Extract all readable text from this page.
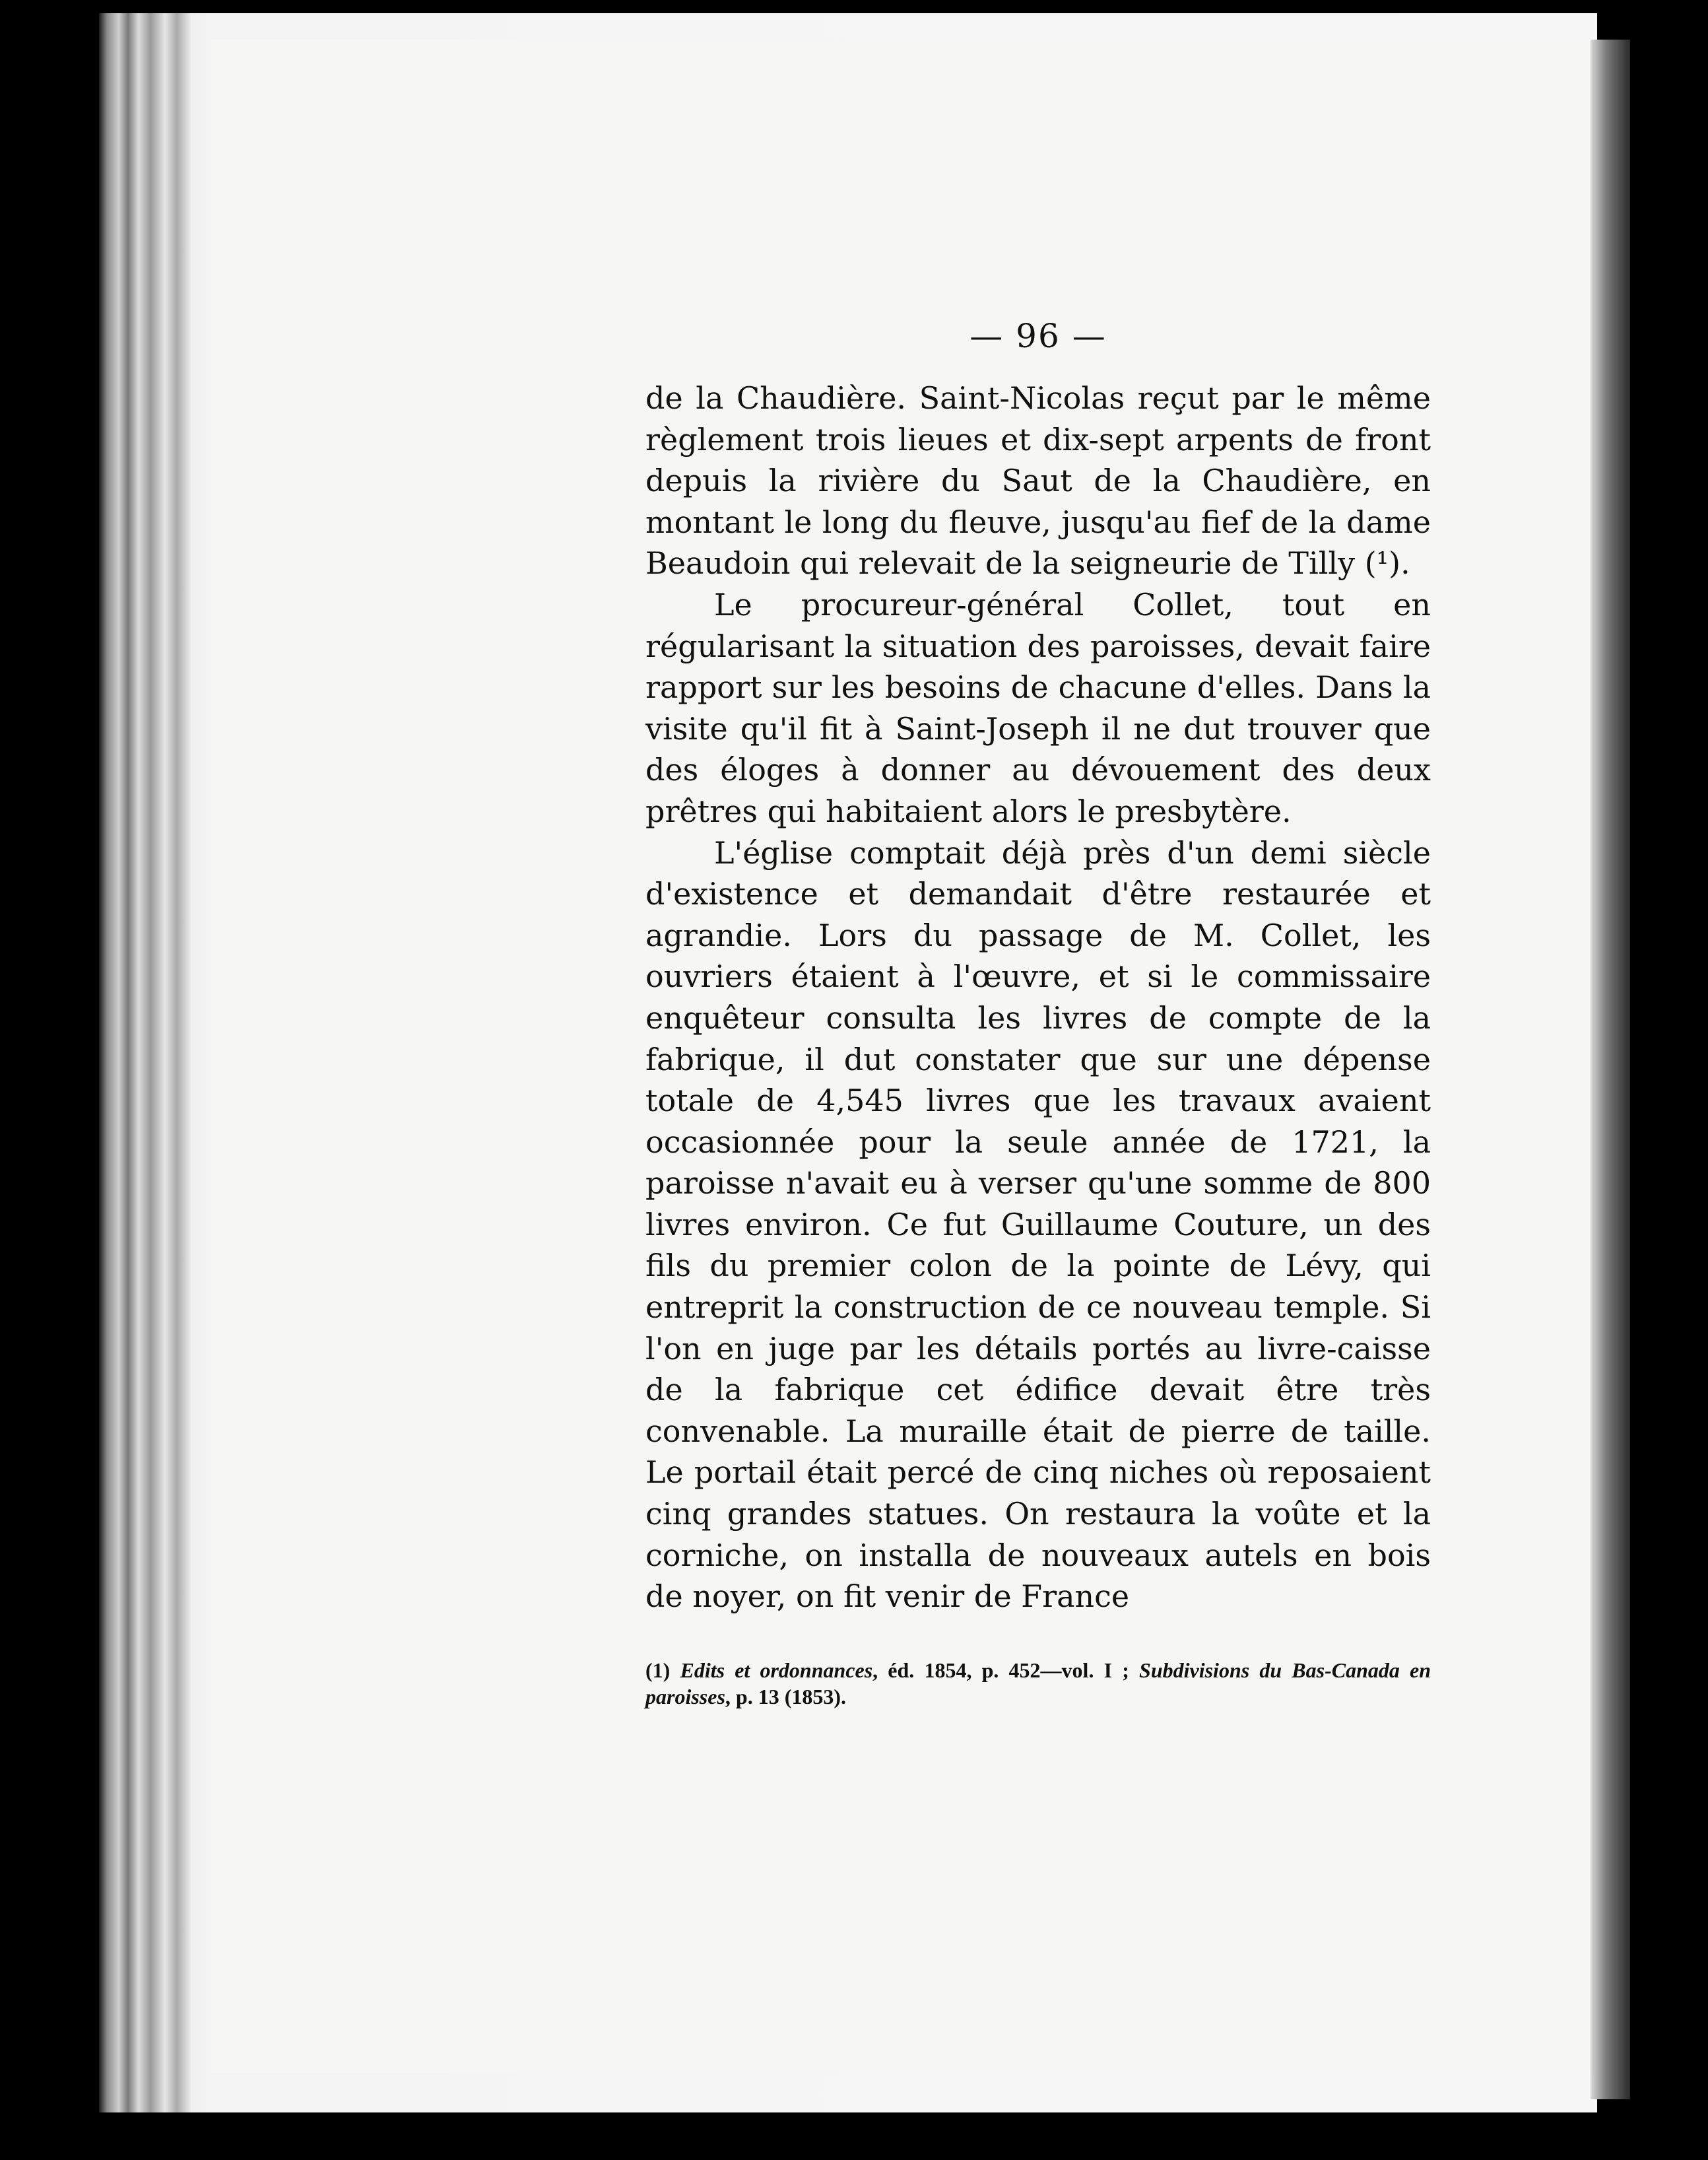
— 96 —

de la Chaudière. Saint-Nicolas reçut par le même règlement trois lieues et dix-sept arpents de front depuis la rivière du Saut de la Chaudière, en montant le long du fleuve, jusqu'au fief de la dame Beaudoin qui relevait de la seigneurie de Tilly (¹).

Le procureur-général Collet, tout en régularisant la situation des paroisses, devait faire rapport sur les besoins de chacune d'elles. Dans la visite qu'il fit à Saint-Joseph il ne dut trouver que des éloges à donner au dévouement des deux prêtres qui habitaient alors le presbytère.

L'église comptait déjà près d'un demi siècle d'existence et demandait d'être restaurée et agrandie. Lors du passage de M. Collet, les ouvriers étaient à l'œuvre, et si le commissaire enquêteur consulta les livres de compte de la fabrique, il dut constater que sur une dépense totale de 4,545 livres que les travaux avaient occasionnée pour la seule année de 1721, la paroisse n'avait eu à verser qu'une somme de 800 livres environ. Ce fut Guillaume Couture, un des fils du premier colon de la pointe de Lévy, qui entreprit la construction de ce nouveau temple. Si l'on en juge par les détails portés au livre-caisse de la fabrique cet édifice devait être très convenable. La muraille était de pierre de taille. Le portail était percé de cinq niches où reposaient cinq grandes statues. On restaura la voûte et la corniche, on installa de nouveaux autels en bois de noyer, on fit venir de France

(1) Edits et ordonnances, éd. 1854, p. 452—vol. I ; Subdivisions du Bas-Canada en paroisses, p. 13 (1853).
